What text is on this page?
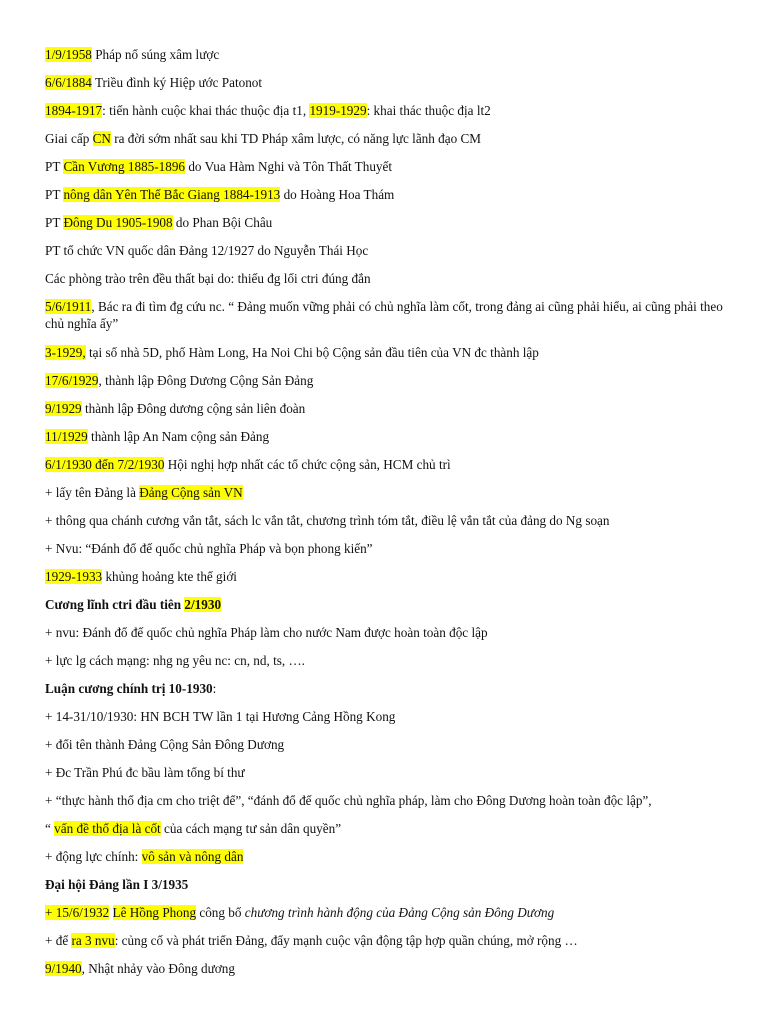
1/9/1958 Pháp nổ súng xâm lược
6/6/1884 Triều đình ký Hiệp ước Patonot
1894-1917: tiến hành cuộc khai thác thuộc địa t1, 1919-1929: khai thác thuộc địa lt2
Giai cấp CN ra đời sớm nhất sau khi TD Pháp xâm lược, có năng lực lãnh đạo CM
PT Cần Vương 1885-1896 do Vua Hàm Nghi và Tôn Thất Thuyết
PT nông dân Yên Thế Bắc Giang 1884-1913 do Hoàng Hoa Thám
PT Đông Du 1905-1908 do Phan Bội Châu
PT tổ chức VN quốc dân Đảng 12/1927 do Nguyễn Thái Học
Các phòng trào trên đều thất bại do: thiếu đg lối ctri đúng đắn
5/6/1911, Bác ra đi tìm đg cứu nc. “ Đảng muốn vững phải có chủ nghĩa làm cốt, trong đảng ai cũng phải hiểu, ai cũng phải theo chủ nghĩa ấy”
3-1929, tại số nhà 5D, phố Hàm Long, Ha Noi Chi bộ Cộng sản đầu tiên của VN đc thành lập
17/6/1929, thành lập Đông Dương Cộng Sản Đảng
9/1929 thành lập Đông dương cộng sản liên đoàn
11/1929 thành lập An Nam cộng sản Đảng
6/1/1930 đến 7/2/1930 Hội nghị hợp nhất các tổ chức cộng sản, HCM chủ trì
+ lấy tên Đảng là Đảng Cộng sản VN
+ thông qua chánh cương vắn tắt, sách lc vắn tắt, chương trình tóm tắt, điều lệ vắn tắt của đảng do Ng soạn
+ Nvu: “Đánh đổ đế quốc chủ nghĩa Pháp và bọn phong kiến”
1929-1933 khủng hoảng kte thế giới
Cương lĩnh ctri đầu tiên 2/1930
+ nvu: Đánh đổ đế quốc chủ nghĩa Pháp làm cho nước Nam được hoàn toàn độc lập
+ lực lg cách mạng: nhg ng yêu nc: cn, nd, ts, ….
Luận cương chính trị 10-1930:
+ 14-31/10/1930: HN BCH TW lần 1 tại Hương Cảng Hồng Kong
+ đổi tên thành Đảng Cộng Sản Đông Dương
+ Đc Trần Phú đc bầu làm tổng bí thư
+ “thực hành thổ địa cm cho triệt để”, “đánh đổ đế quốc chủ nghĩa pháp, làm cho Đông Dương hoàn toàn độc lập”,
“ vấn đề thổ địa là cốt của cách mạng tư sản dân quyền”
+ động lực chính: vô sản và nông dân
Đại hội Đảng lần I 3/1935
+ 15/6/1932 Lê Hồng Phong công bố chương trình hành động của Đảng Cộng sản Đông Dương
+ để ra 3 nvu: củng cố và phát triển Đảng, đẩy mạnh cuộc vận động tập hợp quần chúng, mở rộng …
9/1940, Nhật nhảy vào Đông dương
